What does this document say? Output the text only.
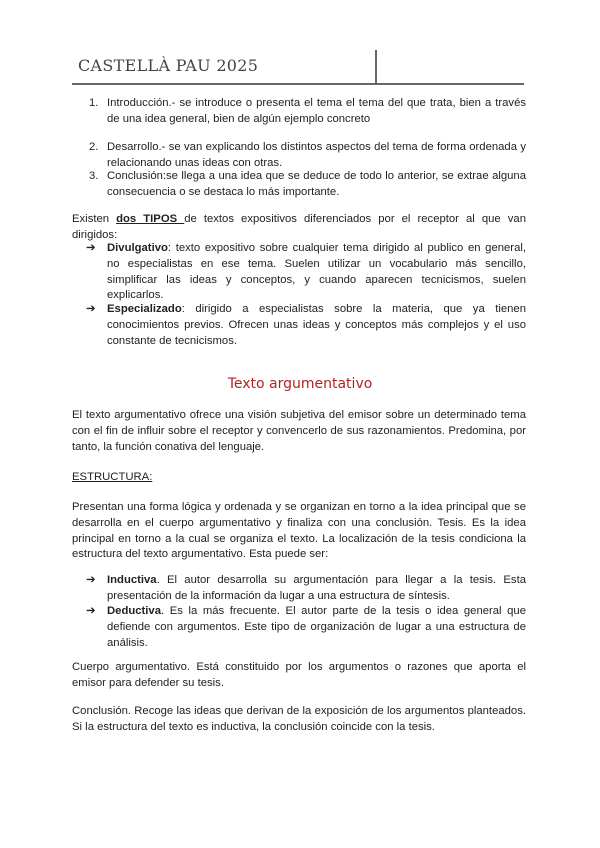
CASTELLÀ PAU 2025
1. Introducción.- se introduce o presenta el tema el tema del que trata, bien a través de una idea general, bien de algún ejemplo concreto
2. Desarrollo.- se van explicando los distintos aspectos del tema de forma ordenada y relacionando unas ideas con otras.
3. Conclusión:se llega a una idea que se deduce de todo lo anterior, se extrae alguna consecuencia o se destaca lo más importante.
Existen dos TIPOS de textos expositivos diferenciados por el receptor al que van dirigidos:
➔ Divulgativo: texto expositivo sobre cualquier tema dirigido al publico en general, no especialistas en ese tema. Suelen utilizar un vocabulario más sencillo, simplificar las ideas y conceptos, y cuando aparecen tecnicismos, suelen explicarlos.
➔ Especializado: dirigido a especialistas sobre la materia, que ya tienen conocimientos previos. Ofrecen unas ideas y conceptos más complejos y el uso constante de tecnicismos.
Texto argumentativo
El texto argumentativo ofrece una visión subjetiva del emisor sobre un determinado tema con el fin de influir sobre el receptor y convencerlo de sus razonamientos. Predomina, por tanto, la función conativa del lenguaje.
ESTRUCTURA:
Presentan una forma lógica y ordenada y se organizan en torno a la idea principal que se desarrolla en el cuerpo argumentativo y finaliza con una conclusión. Tesis. Es la idea principal en torno a la cual se organiza el texto. La localización de la tesis condiciona la estructura del texto argumentativo. Esta puede ser:
➔ Inductiva. El autor desarrolla su argumentación para llegar a la tesis. Esta presentación de la información da lugar a una estructura de síntesis.
➔ Deductiva. Es la más frecuente. El autor parte de la tesis o idea general que defiende con argumentos. Este tipo de organización de lugar a una estructura de análisis.
Cuerpo argumentativo. Está constituido por los argumentos o razones que aporta el emisor para defender su tesis.
Conclusión. Recoge las ideas que derivan de la exposición de los argumentos planteados. Si la estructura del texto es inductiva, la conclusión coincide con la tesis.
